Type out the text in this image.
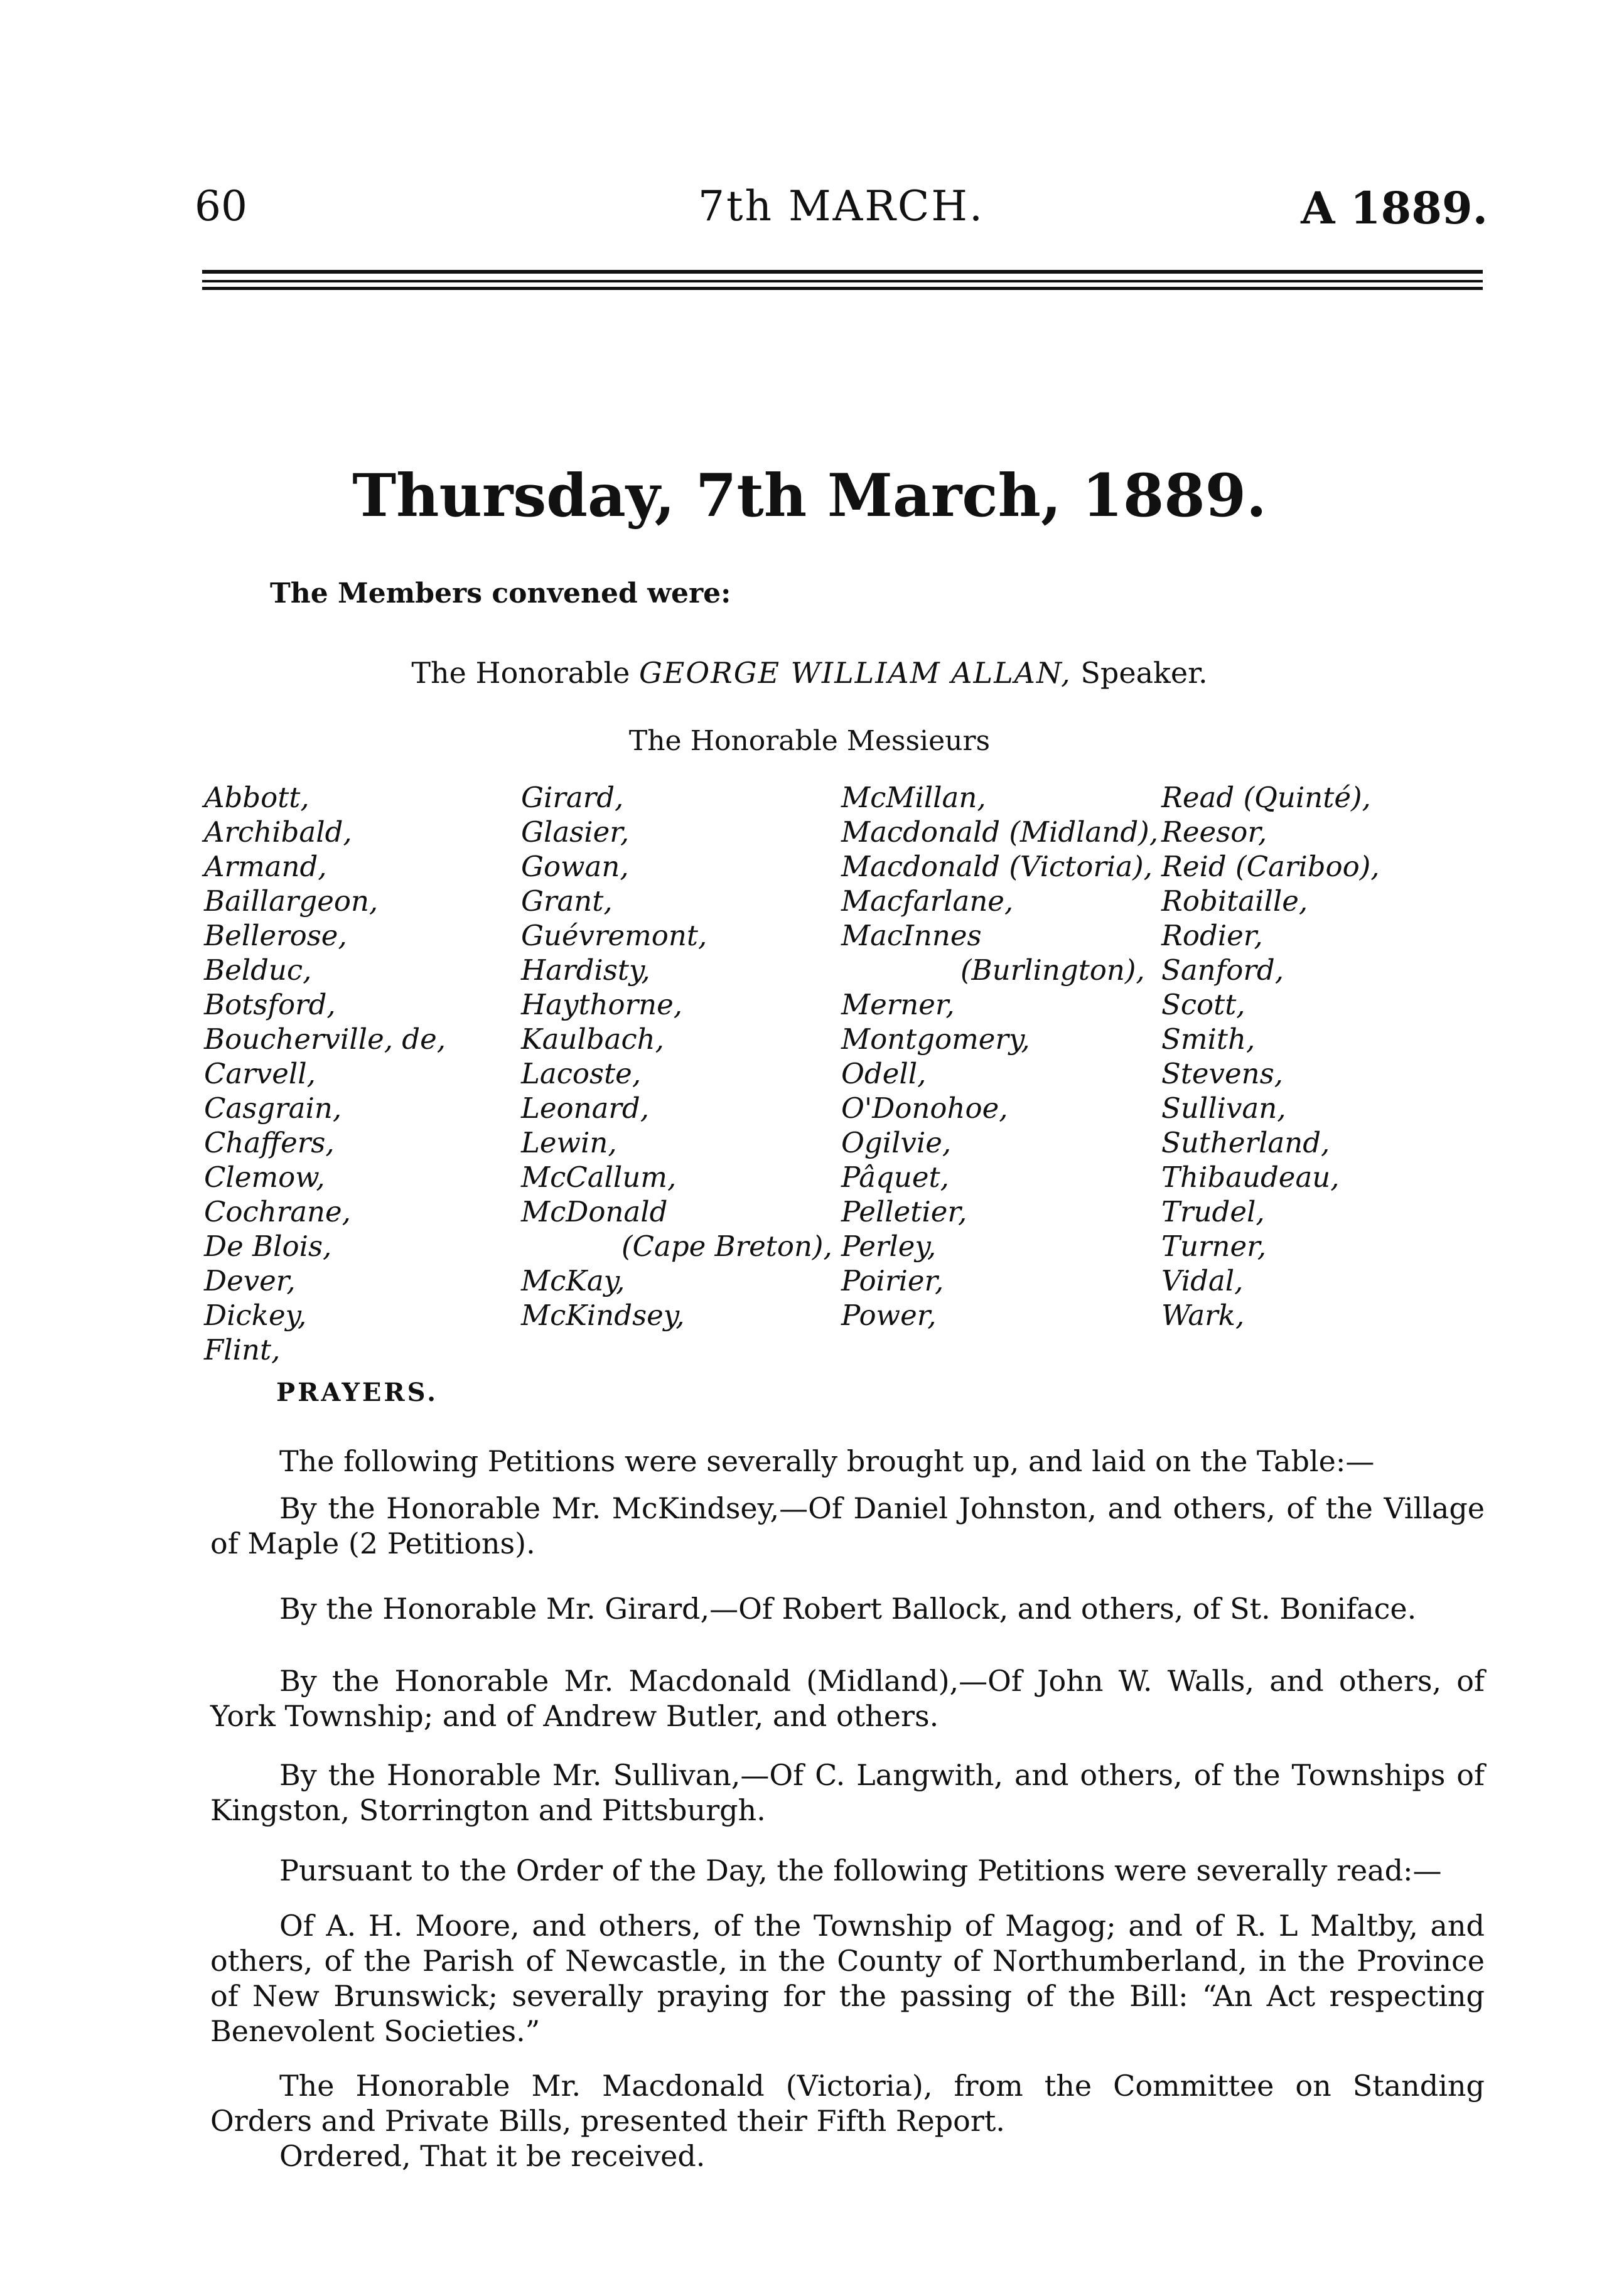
60	7th MARCH.	A 1889.
Thursday, 7th March, 1889.
The Members convened were:
The Honorable GEORGE WILLIAM ALLAN, Speaker.
The Honorable Messieurs
Abbott,
Archibald,
Armand,
Baillargeon,
Bellerose,
Belduc,
Botsford,
Boucherville, de,
Carvell,
Casgrain,
Chaffers,
Clemow,
Cochrane,
De Blois,
Dever,
Dickey,
Flint,
Girard,
Glasier,
Gowan,
Grant,
Guévremont,
Hardisty,
Haythorne,
Kaulbach,
Lacoste,
Leonard,
Lewin,
McCallum,
McDonald
(Cape Breton),
McKay,
McKindsey,
McMillan,
Macdonald (Midland),
Macdonald (Victoria),
Macfarlane,
MacInnes
(Burlington),
Merner,
Montgomery,
Odell,
O'Donohoe,
Ogilvie,
Pâquet,
Pelletier,
Perley,
Poirier,
Power,
Read (Quinté),
Reesor,
Reid (Cariboo),
Robitaille,
Rodier,
Sanford,
Scott,
Smith,
Stevens,
Sullivan,
Sutherland,
Thibaudeau,
Trudel,
Turner,
Vidal,
Wark,
PRAYERS.

The following Petitions were severally brought up, and laid on the Table:—

By the Honorable Mr. McKindsey,—Of Daniel Johnston, and others, of the Village of Maple (2 Petitions).

By the Honorable Mr. Girard,—Of Robert Ballock, and others, of St. Boniface.

By the Honorable Mr. Macdonald (Midland),—Of John W. Walls, and others, of York Township; and of Andrew Butler, and others.

By the Honorable Mr. Sullivan,—Of C. Langwith, and others, of the Townships of Kingston, Storrington and Pittsburgh.

Pursuant to the Order of the Day, the following Petitions were severally read:—

Of A. H. Moore, and others, of the Township of Magog; and of R. L Maltby, and others, of the Parish of Newcastle, in the County of Northumberland, in the Province of New Brunswick; severally praying for the passing of the Bill: “An Act respecting Benevolent Societies.”

The Honorable Mr. Macdonald (Victoria), from the Committee on Standing Orders and Private Bills, presented their Fifth Report.

Ordered, That it be received.
